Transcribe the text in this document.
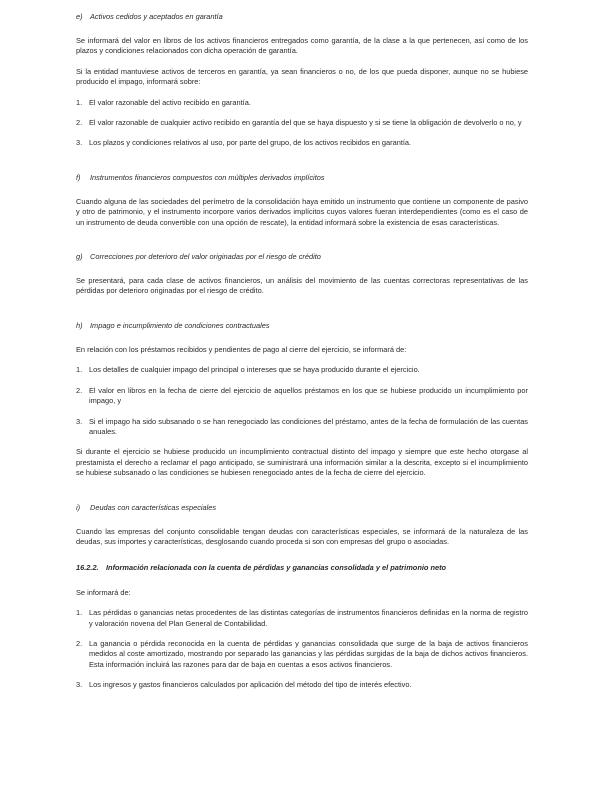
e) Activos cedidos y aceptados en garantía

Se informará del valor en libros de los activos financieros entregados como garantía, de la clase a la que pertenecen, así como de los plazos y condiciones relacionados con dicha operación de garantía.

Si la entidad mantuviese activos de terceros en garantía, ya sean financieros o no, de los que pueda disponer, aunque no se hubiese producido el impago, informará sobre:

1. El valor razonable del activo recibido en garantía.
2. El valor razonable de cualquier activo recibido en garantía del que se haya dispuesto y si se tiene la obligación de devolverlo o no, y
3. Los plazos y condiciones relativos al uso, por parte del grupo, de los activos recibidos en garantía.
f) Instrumentos financieros compuestos con múltiples derivados implícitos

Cuando alguna de las sociedades del perímetro de la consolidación haya emitido un instrumento que contiene un componente de pasivo y otro de patrimonio, y el instrumento incorpore varios derivados implícitos cuyos valores fueran interdependientes (como es el caso de un instrumento de deuda convertible con una opción de rescate), la entidad informará sobre la existencia de esas características.

g) Correcciones por deterioro del valor originadas por el riesgo de crédito

Se presentará, para cada clase de activos financieros, un análisis del movimiento de las cuentas correctoras representativas de las pérdidas por deterioro originadas por el riesgo de crédito.

h) Impago e incumplimiento de condiciones contractuales

En relación con los préstamos recibidos y pendientes de pago al cierre del ejercicio, se informará de:

1. Los detalles de cualquier impago del principal o intereses que se haya producido durante el ejercicio.
2. El valor en libros en la fecha de cierre del ejercicio de aquellos préstamos en los que se hubiese producido un incumplimiento por impago, y
3. Si el impago ha sido subsanado o se han renegociado las condiciones del préstamo, antes de la fecha de formulación de las cuentas anuales.

Si durante el ejercicio se hubiese producido un incumplimiento contractual distinto del impago y siempre que este hecho otorgase al prestamista el derecho a reclamar el pago anticipado, se suministrará una información similar a la descrita, excepto si el incumplimiento se hubiese subsanado o las condiciones se hubiesen renegociado antes de la fecha de cierre del ejercicio.

i) Deudas con características especiales

Cuando las empresas del conjunto consolidable tengan deudas con características especiales, se informará de la naturaleza de las deudas, sus importes y características, desglosando cuando proceda si son con empresas del grupo o asociadas.

16.2.2. Información relacionada con la cuenta de pérdidas y ganancias consolidada y el patrimonio neto

Se informará de:

1. Las pérdidas o ganancias netas procedentes de las distintas categorías de instrumentos financieros definidas en la norma de registro y valoración novena del Plan General de Contabilidad.
2. La ganancia o pérdida reconocida en la cuenta de pérdidas y ganancias consolidada que surge de la baja de activos financieros medidos al coste amortizado, mostrando por separado las ganancias y las pérdidas surgidas de la baja de dichos activos financieros. Esta información incluirá las razones para dar de baja en cuentas a esos activos financieros.
3. Los ingresos y gastos financieros calculados por aplicación del método del tipo de interés efectivo.
